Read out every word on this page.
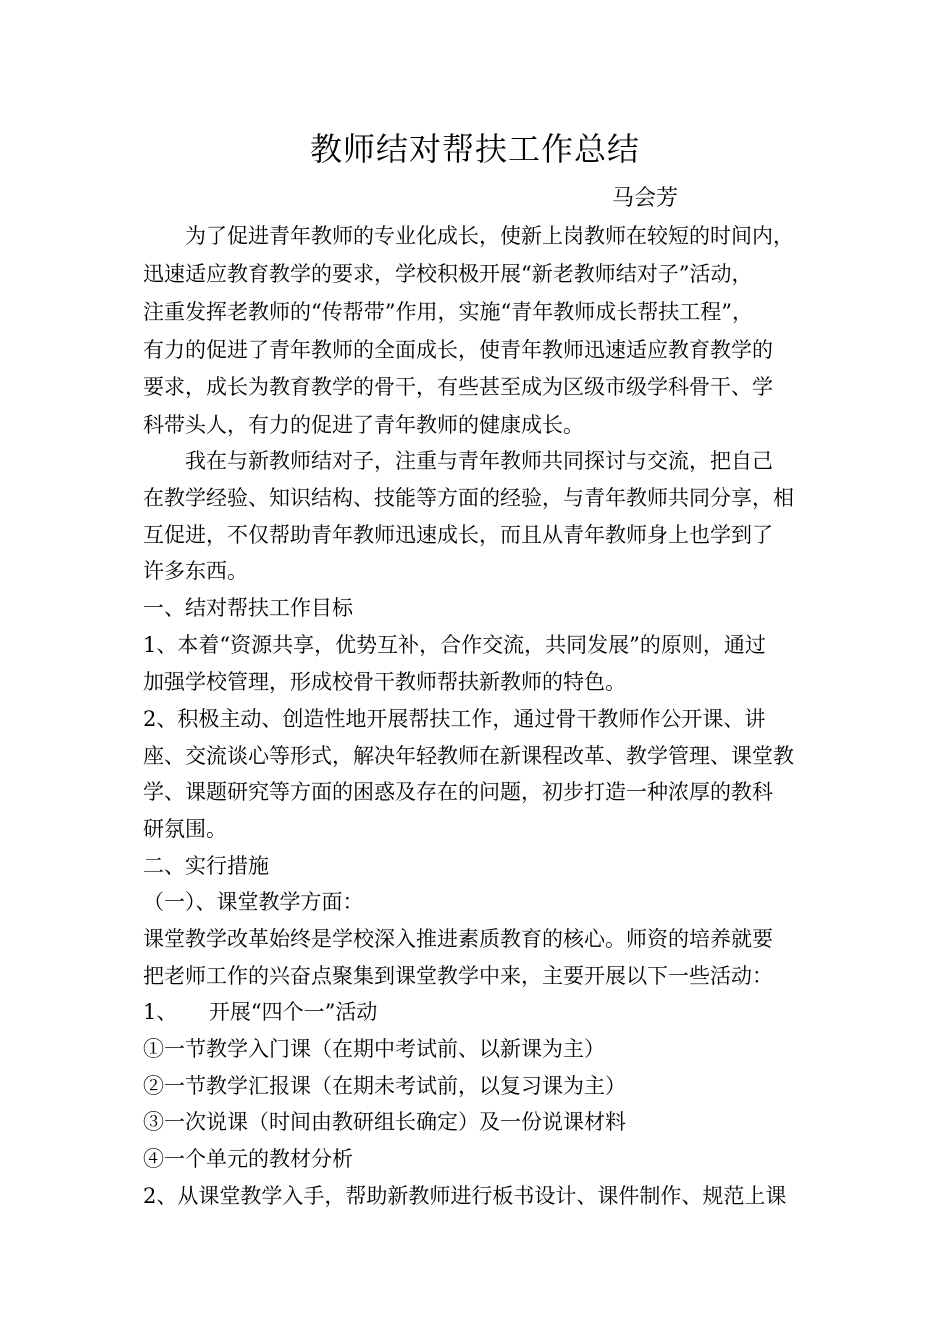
教师结对帮扶工作总结
马会芳
　　为了促进青年教师的专业化成长，使新上岗教师在较短的时间内，
迅速适应教育教学的要求，学校积极开展“新老教师结对子”活动，
注重发挥老教师的“传帮带”作用，实施“青年教师成长帮扶工程”，
有力的促进了青年教师的全面成长，使青年教师迅速适应教育教学的
要求，成长为教育教学的骨干，有些甚至成为区级市级学科骨干、学
科带头人，有力的促进了青年教师的健康成长。
　　我在与新教师结对子，注重与青年教师共同探讨与交流，把自己
在教学经验、知识结构、技能等方面的经验，与青年教师共同分享，相
互促进，不仅帮助青年教师迅速成长，而且从青年教师身上也学到了
许多东西。
一、结对帮扶工作目标
1、本着“资源共享，优势互补，合作交流，共同发展”的原则，通过
加强学校管理，形成校骨干教师帮扶新教师的特色。
2、积极主动、创造性地开展帮扶工作，通过骨干教师作公开课、讲
座、交流谈心等形式，解决年轻教师在新课程改革、教学管理、课堂教
学、课题研究等方面的困惑及存在的问题，初步打造一种浓厚的教科
研氛围。
二、实行措施
（一）、课堂教学方面：
课堂教学改革始终是学校深入推进素质教育的核心。师资的培养就要
把老师工作的兴奋点聚集到课堂教学中来，主要开展以下一些活动：
1、　　开展“四个一”活动
①一节教学入门课（在期中考试前、以新课为主）
②一节教学汇报课（在期未考试前，以复习课为主）
③一次说课（时间由教研组长确定）及一份说课材料
④一个单元的教材分析
2、从课堂教学入手，帮助新教师进行板书设计、课件制作、规范上课
